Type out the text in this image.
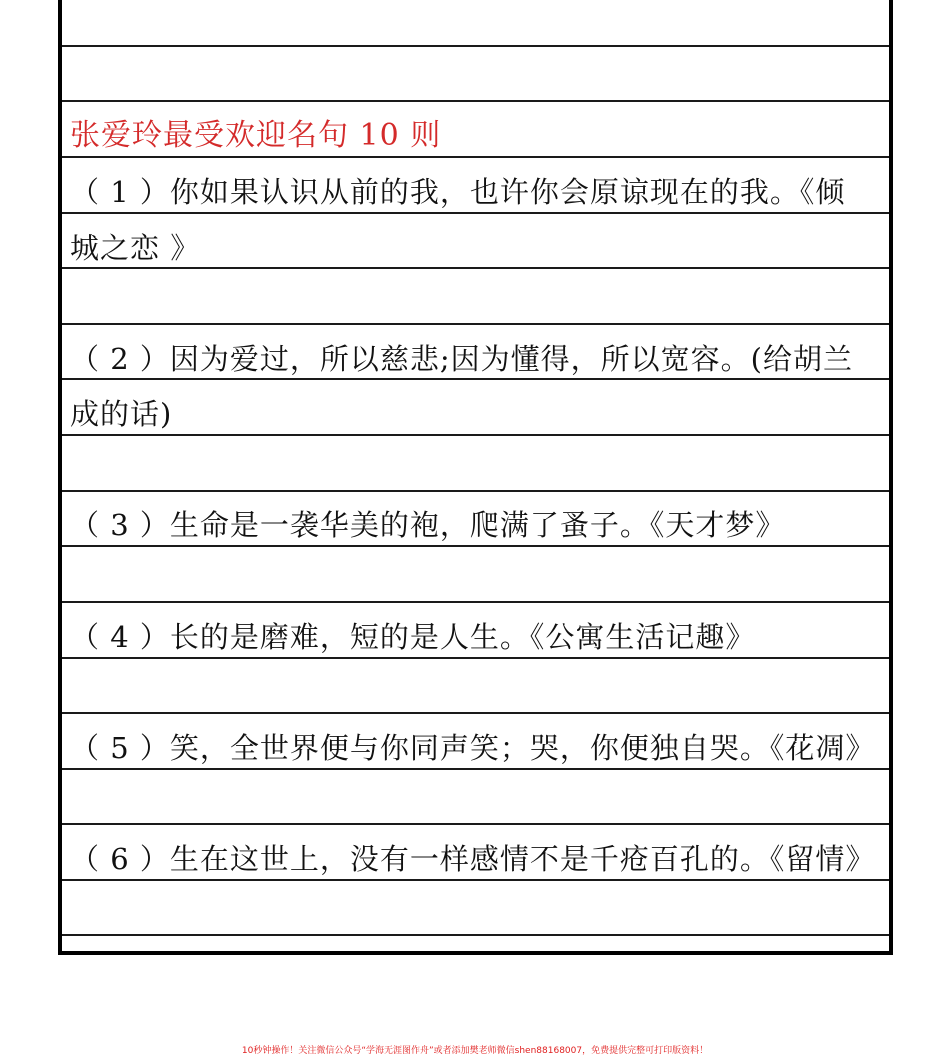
张爱玲最受欢迎名句 10 则
（ 1 ）你如果认识从前的我，也许你会原谅现在的我。《倾
城之恋 》
（ 2 ）因为爱过，所以慈悲;因为懂得，所以宽容。(给胡兰
成的话)
（ 3 ）生命是一袭华美的袍，爬满了蚤子。《天才梦》
（ 4 ）长的是磨难，短的是人生。《公寓生活记趣》
（ 5 ）笑，全世界便与你同声笑；哭，你便独自哭。《花凋》
（ 6 ）生在这世上，没有一样感情不是千疮百孔的。《留情》
10秒钟操作！关注微信公众号“学海无涯图作舟”或者添加樊老师微信shen88168007，免费提供完整可打印版资料！
